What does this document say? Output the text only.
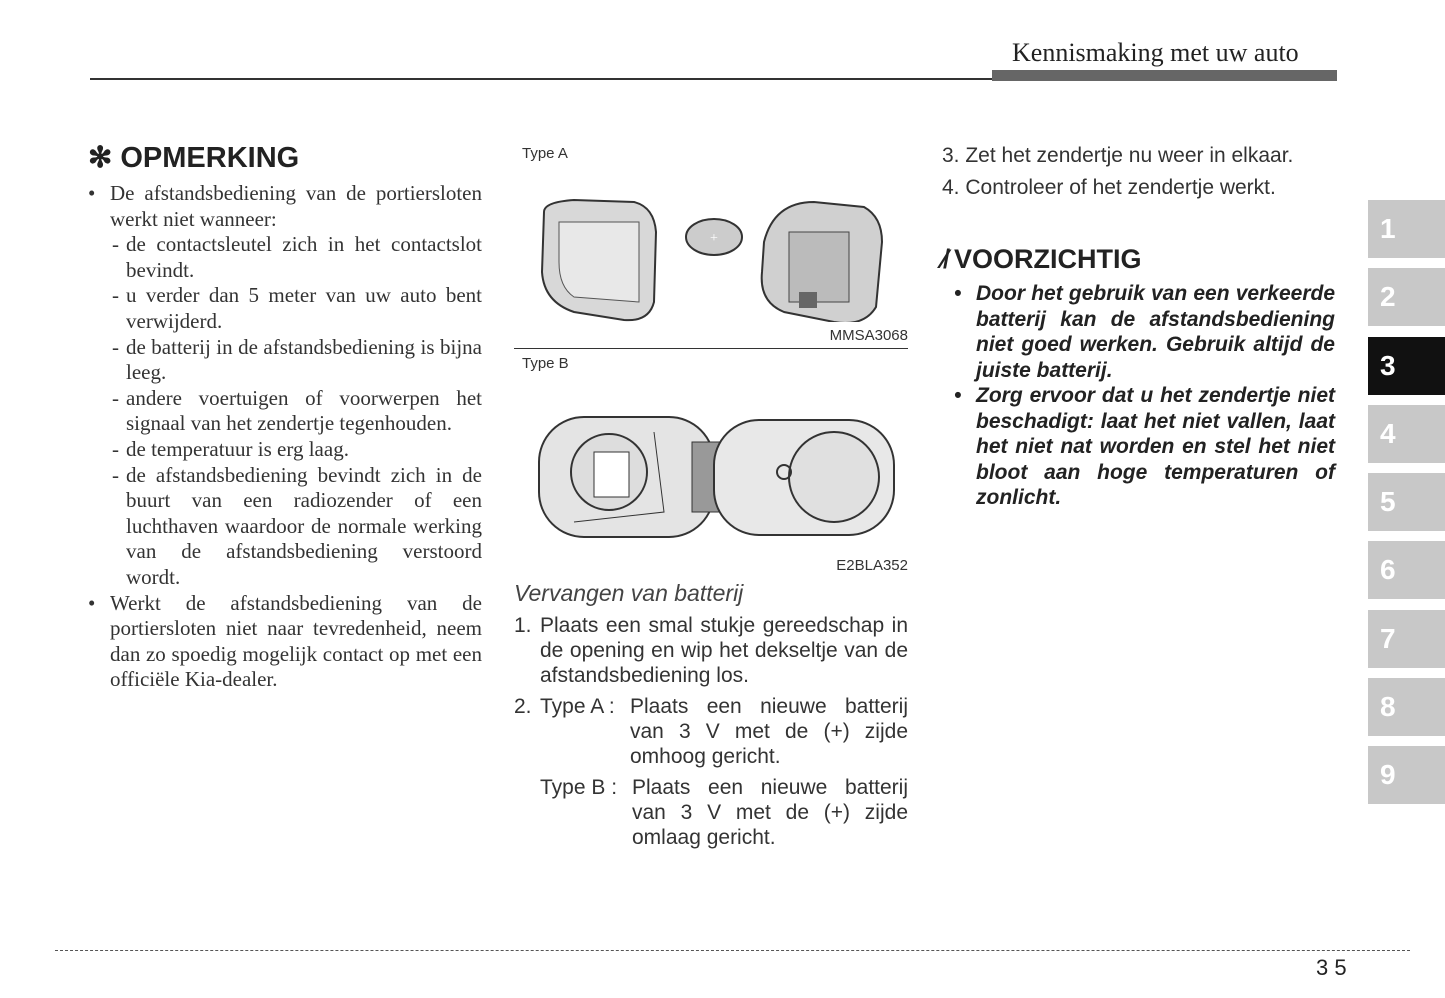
Kennismaking met uw auto
✻ OPMERKING
• De afstandsbediening van de portiersloten werkt niet wanneer:
- de contactsleutel zich in het contactslot bevindt.
- u verder dan 5 meter van uw auto bent verwijderd.
- de batterij in de afstandsbediening is bijna leeg.
- andere voertuigen of voorwerpen het signaal van het zendertje tegenhouden.
- de temperatuur is erg laag.
- de afstandsbediening bevindt zich in de buurt van een radiozender of een luchthaven waardoor de normale werking van de afstandsbediening verstoord wordt.
• Werkt de afstandsbediening van de portiersloten niet naar tevredenheid, neem dan zo spoedig mogelijk contact op met een officiële Kia-dealer.
Type A
+
MMSA3068
Type B
E2BLA352
Vervangen van batterij
1. Plaats een smal stukje gereedschap in de opening en wip het dekseltje van de afstandsbediening los.
2. Type A : Plaats een nieuwe batterij van 3 V met de (+) zijde omhoog gericht.
Type B : Plaats een nieuwe batterij van 3 V met de (+) zijde omlaag gericht.
3. Zet het zendertje nu weer in elkaar.
4. Controleer of het zendertje werkt.
⁄̸ VOORZICHTIG
• Door het gebruik van een verkeerde batterij kan de afstandsbediening niet goed werken. Gebruik altijd de juiste batterij.
• Zorg ervoor dat u het zendertje niet beschadigt: laat het niet vallen, laat het niet nat worden en stel het niet bloot aan hoge temperaturen of zonlicht.
1
2
3
4
5
6
7
8
9
3 5
